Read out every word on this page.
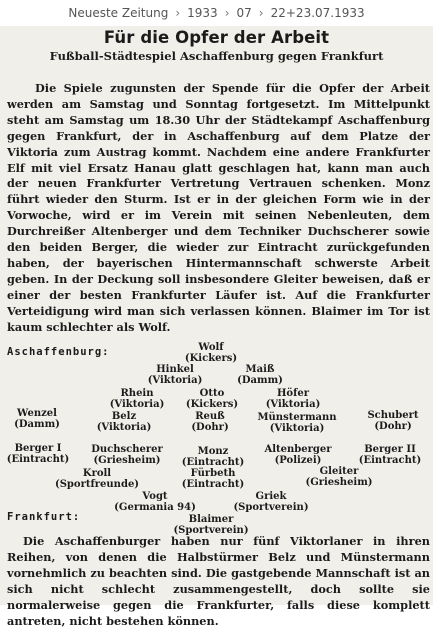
Neueste Zeitung › 1933 › 07 › 22+23.07.1933
Für die Opfer der Arbeit
Fußball-Städtespiel Aschaffenburg gegen Frankfurt

Die Spiele zugunsten der Spende für die Opfer der Arbeit werden am Samstag und Sonntag fortgesetzt. Im Mittelpunkt steht am Samstag um 18.30 Uhr der Städtekampf Aschaffenburg gegen Frankfurt, der in Aschaffenburg auf dem Platze der Viktoria zum Austrag kommt. Nachdem eine andere Frankfurter Elf mit viel Ersatz Hanau glatt geschlagen hat, kann man auch der neuen Frankfurter Vertretung Vertrauen schenken. Monz führt wieder den Sturm. Ist er in der gleichen Form wie in der Vorwoche, wird er im Verein mit seinen Nebenleuten, dem Durchreißer Altenberger und dem Techniker Duchscherer sowie den beiden Berger, die wieder zur Eintracht zurückgefunden haben, der bayerischen Hintermannschaft schwerste Arbeit geben. In der Deckung soll insbesondere Gleiter beweisen, daß er einer der besten Frankfurter Läufer ist. Auf die Frankfurter Verteidigung wird man sich verlassen können. Blaimer im Tor ist kaum schlechter als Wolf.

Aschaffenburg:	Wolf
(Kickers)
Hinkel
(Viktoria)
Maiß
(Damm)
Rhein
(Viktoria)
Otto
(Kickers)
Höfer
(Viktoria)
Wenzel
(Damm)
Belz
(Viktoria)
Reuß
(Dohr)
Münstermann
(Viktoria)
Schubert
(Dohr)
Berger I
(Eintracht)
Duchscherer
(Griesheim)
Monz
(Eintracht)
Altenberger
(Polizei)
Berger II
(Eintracht)
Kroll
(Sportfreunde)
Fürbeth
(Eintracht)
Gleiter
(Griesheim)
Vogt
(Germania 94)
Griek
(Sportverein)
Frankfurt:	Blaimer
(Sportverein)

Die Aschaffenburger haben nur fünf Viktorlaner in ihren Reihen, von denen die Halbstürmer Belz und Münstermann vornehmlich zu beachten sind. Die gastgebende Mannschaft ist an sich nicht schlecht zusammengestellt, doch sollte sie normalerweise gegen die Frankfurter, falls diese komplett antreten, nicht bestehen können.
